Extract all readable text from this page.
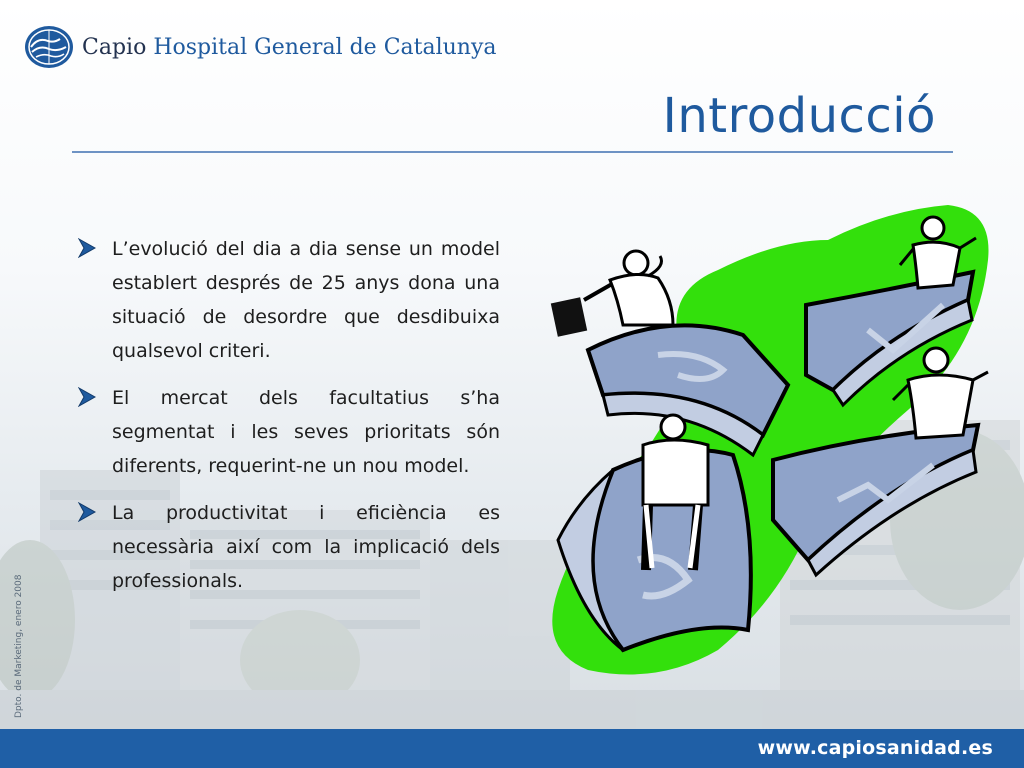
Capio Hospital General de Catalunya
Introducció
L’evolució del dia a dia sense un model establert després de 25 anys dona una situació de desordre que desdibuixa qualsevol criteri.
El mercat dels facultatius s’ha segmentat i les seves prioritats són diferents, requerint-ne un nou model.
La productivitat i eficiència es necessària així com la implicació dels professionals.
Dpto. de Marketing, enero 2008
www.capiosanidad.es
